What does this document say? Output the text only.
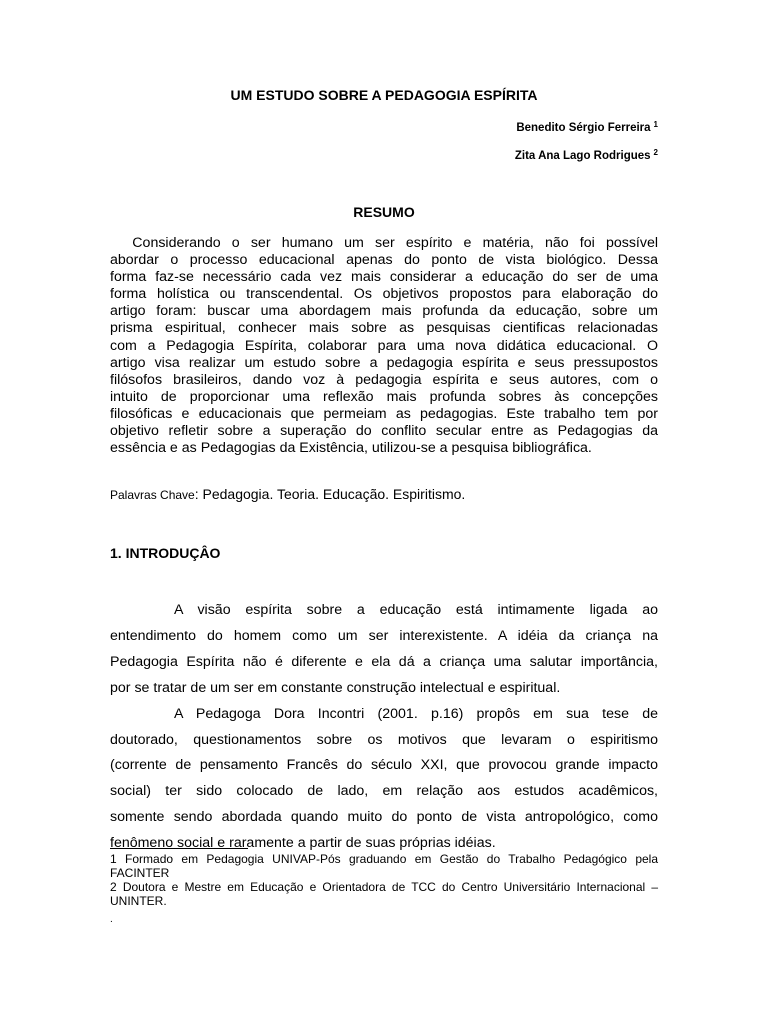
UM ESTUDO SOBRE A PEDAGOGIA ESPÍRITA
Benedito Sérgio Ferreira $^1$
Zita Ana Lago Rodrigues $^2$
RESUMO

Considerando o ser humano um ser espírito e matéria, não foi possível
abordar o processo educacional apenas do ponto de vista biológico. Dessa
forma faz-se necessário cada vez mais considerar a educação do ser de uma
forma holística ou transcendental. Os objetivos propostos para elaboração do
artigo foram: buscar uma abordagem mais profunda da educação, sobre um
prisma espiritual, conhecer mais sobre as pesquisas cientificas relacionadas
com a Pedagogia Espírita, colaborar para uma nova didática educacional. O
artigo visa realizar um estudo sobre a pedagogia espírita e seus pressupostos
filósofos brasileiros, dando voz à pedagogia espírita e seus autores, com o
intuito de proporcionar uma reflexão mais profunda sobres às concepções
filosóficas e educacionais que permeiam as pedagogias. Este trabalho tem por
objetivo refletir sobre a superação do conflito secular entre as Pedagogias da
essência e as Pedagogias da Existência, utilizou-se a pesquisa bibliográfica.

Palavras Chave: Pedagogia. Teoria. Educação. Espiritismo.

1. INTRODUÇÂO

A visão espírita sobre a educação está intimamente ligada ao
entendimento do homem como um ser interexistente. A idéia da criança na
Pedagogia Espírita não é diferente e ela dá a criança uma salutar importância,
por se tratar de um ser em constante construção intelectual e espiritual.
A Pedagoga Dora Incontri (2001. p.16) propôs em sua tese de
doutorado, questionamentos sobre os motivos que levaram o espiritismo
(corrente de pensamento Francês do século XXI, que provocou grande impacto
social) ter sido colocado de lado, em relação aos estudos acadêmicos,
somente sendo abordada quando muito do ponto de vista antropológico, como
fenômeno social e raramente a partir de suas próprias idéias.

1 Formado em Pedagogia UNIVAP-Pós graduando em Gestão do Trabalho Pedagógico pela
FACINTER
2 Doutora e Mestre em Educação e Orientadora de TCC do Centro Universitário Internacional –
UNINTER.

.
